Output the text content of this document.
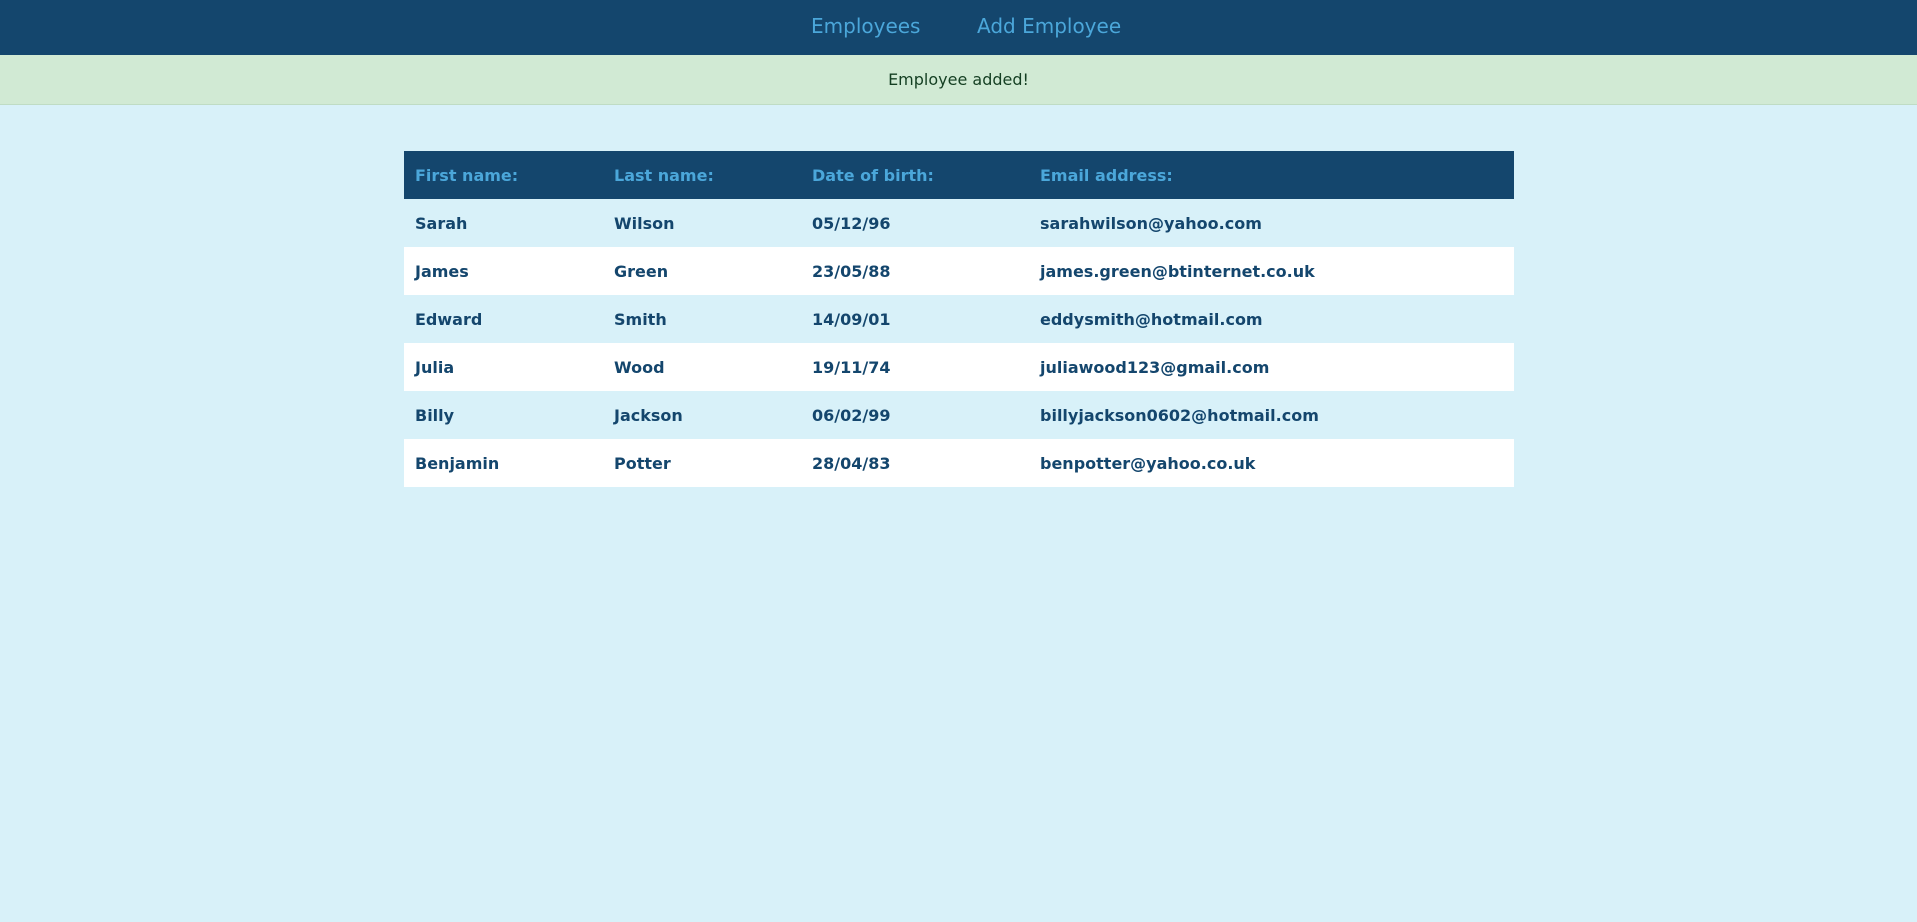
Employees	Add Employee
Employee added!
First name:	Last name:	Date of birth:	Email address:
Sarah	Wilson	05/12/96	sarahwilson@yahoo.com
James	Green	23/05/88	james.green@btinternet.co.uk
Edward	Smith	14/09/01	eddysmith@hotmail.com
Julia	Wood	19/11/74	juliawood123@gmail.com
Billy	Jackson	06/02/99	billyjackson0602@hotmail.com
Benjamin	Potter	28/04/83	benpotter@yahoo.co.uk
